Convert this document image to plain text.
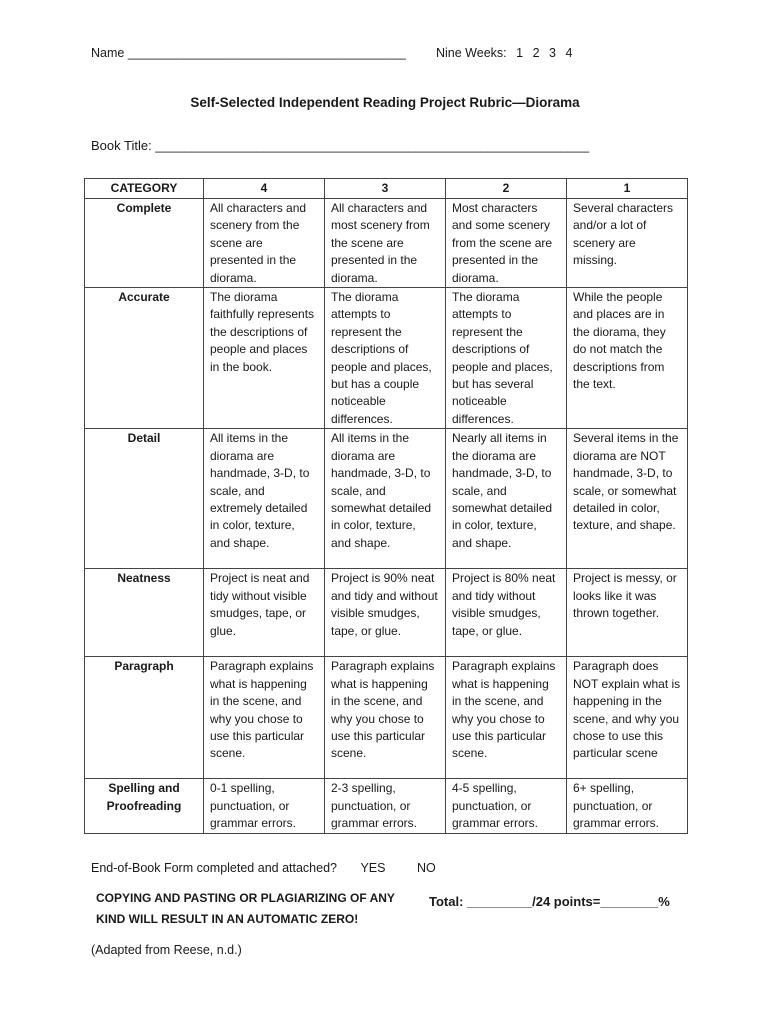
Name ________________________________________ Nine Weeks: 1 2 3 4
Self-Selected Independent Reading Project Rubric—Diorama
Book Title: ____________________________________________________________
CATEGORY	4	3	2	1
Complete	All characters and scenery from the scene are presented in the diorama.	All characters and most scenery from the scene are presented in the diorama.	Most characters and some scenery from the scene are presented in the diorama.	Several characters and/or a lot of scenery are missing.
Accurate	The diorama faithfully represents the descriptions of people and places in the book.	The diorama attempts to represent the descriptions of people and places, but has a couple noticeable differences.	The diorama attempts to represent the descriptions of people and places, but has several noticeable differences.	While the people and places are in the diorama, they do not match the descriptions from the text.
Detail	All items in the diorama are handmade, 3-D, to scale, and extremely detailed in color, texture, and shape.	All items in the diorama are handmade, 3-D, to scale, and somewhat detailed in color, texture, and shape.	Nearly all items in the diorama are handmade, 3-D, to scale, and somewhat detailed in color, texture, and shape.	Several items in the diorama are NOT handmade, 3-D, to scale, or somewhat detailed in color, texture, and shape.
Neatness	Project is neat and tidy without visible smudges, tape, or glue.	Project is 90% neat and tidy and without visible smudges, tape, or glue.	Project is 80% neat and tidy without visible smudges, tape, or glue.	Project is messy, or looks like it was thrown together.
Paragraph	Paragraph explains what is happening in the scene, and why you chose to use this particular scene.	Paragraph explains what is happening in the scene, and why you chose to use this particular scene.	Paragraph explains what is happening in the scene, and why you chose to use this particular scene.	Paragraph does NOT explain what is happening in the scene, and why you chose to use this particular scene
Spelling and Proofreading	0-1 spelling, punctuation, or grammar errors.	2-3 spelling, punctuation, or grammar errors.	4-5 spelling, punctuation, or grammar errors.	6+ spelling, punctuation, or grammar errors.
End-of-Book Form completed and attached? YES	NO
COPYING AND PASTING OR PLAGIARIZING OF ANY KIND WILL RESULT IN AN AUTOMATIC ZERO!
Total: _________/24 points=________%
(Adapted from Reese, n.d.)
